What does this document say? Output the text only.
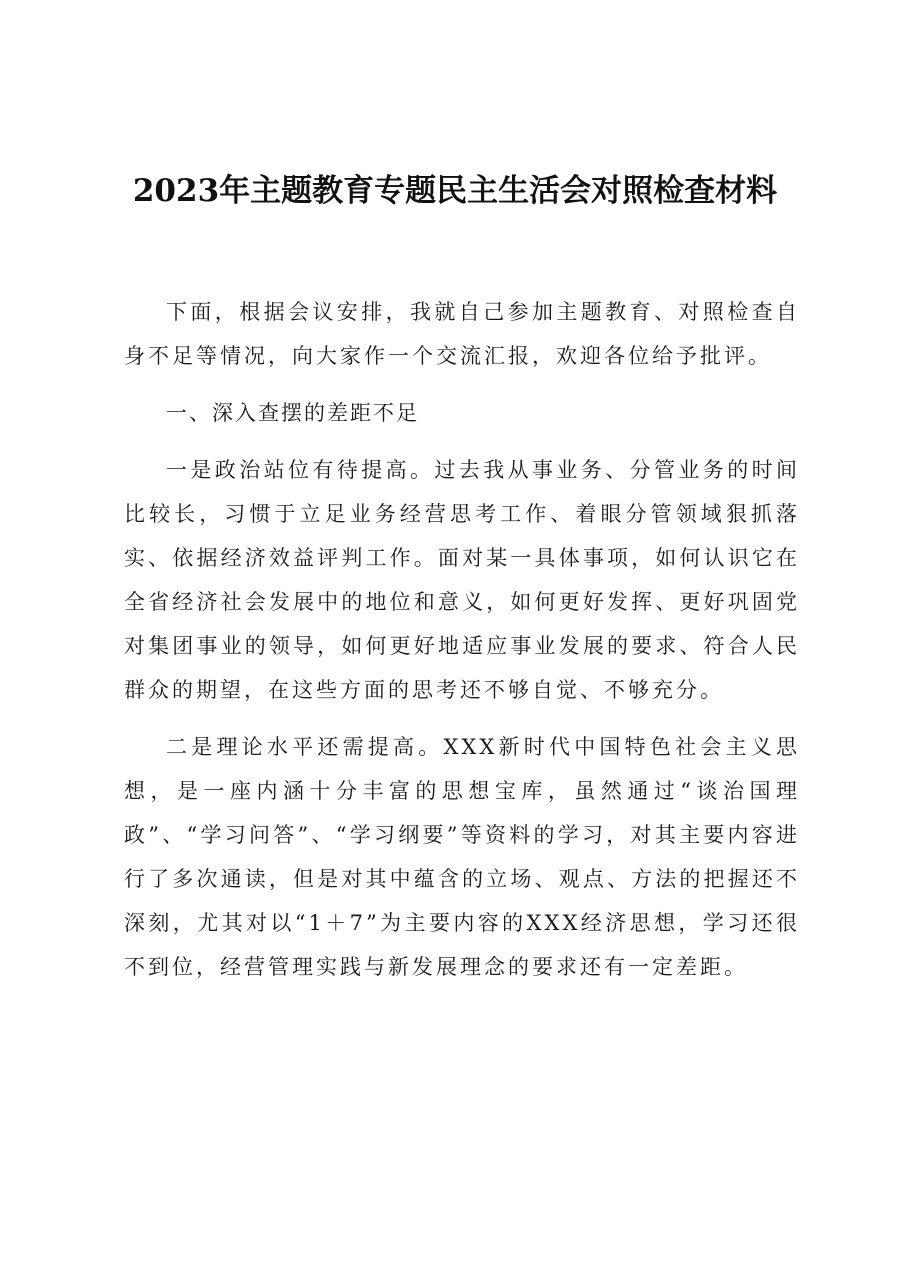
2023年主题教育专题民主生活会对照检查材料

下面，根据会议安排，我就自己参加主题教育、对照检查自身不足等情况，向大家作一个交流汇报，欢迎各位给予批评。

一、深入查摆的差距不足

一是政治站位有待提高。过去我从事业务、分管业务的时间比较长，习惯于立足业务经营思考工作、着眼分管领域狠抓落实、依据经济效益评判工作。面对某一具体事项，如何认识它在全省经济社会发展中的地位和意义，如何更好发挥、更好巩固党对集团事业的领导，如何更好地适应事业发展的要求、符合人民群众的期望，在这些方面的思考还不够自觉、不够充分。

二是理论水平还需提高。XXX新时代中国特色社会主义思想，是一座内涵十分丰富的思想宝库，虽然通过“谈治国理政”、“学习问答”、“学习纲要”等资料的学习，对其主要内容进行了多次通读，但是对其中蕴含的立场、观点、方法的把握还不深刻，尤其对以“1＋7”为主要内容的XXX经济思想，学习还很不到位，经营管理实践与新发展理念的要求还有一定差距。
